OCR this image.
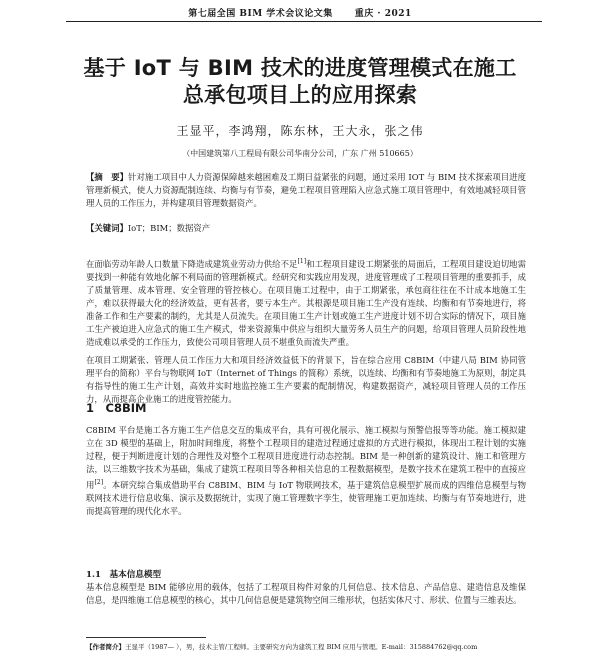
第七届全国 BIM 学术会议论文集 重庆 · 2021
基于 IoT 与 BIM 技术的进度管理模式在施工
总承包项目上的应用探索
王显平，李鸿翔，陈东林，王大永，张之伟
（中国建筑第八工程局有限公司华南分公司，广东 广州 510665）

【摘　要】针对施工项目中人力资源保障越来越困难及工期日益紧张的问题，通过采用 IOT 与 BIM 技术探索项目进度管理新模式，使人力资源配制连续、均衡与有节奏，避免工程项目管理陷入应急式施工项目管理中，有效地减轻项目管理人员的工作压力，并构建项目管理数据资产。

【关键词】IoT；BIM；数据资产

在面临劳动年龄人口数量下降造成建筑业劳动力供给不足[1]和工程项目建设工期紧张的局面后，工程项目建设迫切地需要找到一种能有效地化解不利局面的管理新模式。经研究和实践应用发现，进度管理成了工程项目管理的重要抓手，成了质量管理、成本管理、安全管理的管控核心。在项目施工过程中，由于工期紧张，承包商往往在不计成本地施工生产，难以获得最大化的经济效益，更有甚者，要亏本生产。其根源是项目施工生产没有连续、均衡和有节奏地进行，将准备工作和生产要素的制约，尤其是人员流失。在项目施工生产计划或施工生产进度计划不切合实际的情况下，项目施工生产被迫进入应急式的施工生产模式，带来资源集中供应与组织大量劳务人员生产的问题，给项目管理人员阶段性地造成难以承受的工作压力，致使公司项目管理人员不堪重负而流失严重。

在项目工期紧张、管理人员工作压力大和项目经济效益低下的背景下，旨在综合应用 C8BIM（中建八局 BIM 协同管理平台的简称）平台与物联网 IoT（Internet of Things 的简称）系统，以连续、均衡和有节奏地施工为原则，制定具有指导性的施工生产计划，高效并实时地监控施工生产要素的配制情况，构建数据资产，减轻项目管理人员的工作压力，从而提高企业施工的进度管控能力。

1　C8BIM

C8BIM 平台是施工各方施工生产信息交互的集成平台，具有可视化展示、施工模拟与预警信报等等功能。施工模拟建立在 3D 模型的基础上，附加时间维度，将整个工程项目的建造过程通过虚拟的方式进行模拟，体现出工程计划的实施过程，便于判断进度计划的合理性及对整个工程项目进度进行动态控制。BIM 是一种创新的建筑设计、施工和管理方法，以三维数字技术为基础，集成了建筑工程项目等各种相关信息的工程数据模型，是数字技术在建筑工程中的直接应用[2]。本研究综合集成借助平台 C8BIM、BIM 与 IoT 物联网技术，基于建筑信息模型扩展而成的四维信息模型与物联网技术进行信息收集、演示及数据统计，实现了施工管理数字孪生，使管理施工更加连续、均衡与有节奏地进行，进而提高管理的现代化水平。

1.1　基本信息模型

基本信息模型是 BIM 能够应用的载体，包括了工程项目构件对象的几何信息、技术信息、产品信息、建造信息及维保信息，是四维施工信息模型的核心，其中几何信息便是建筑物空间三维形状，包括实体尺寸、形状、位置与三维表达。

【作者简介】王显平（1987— ），男，技术主管/工程师。主要研究方向为建筑工程 BIM 应用与管理。E-mail：315884762@qq.com
